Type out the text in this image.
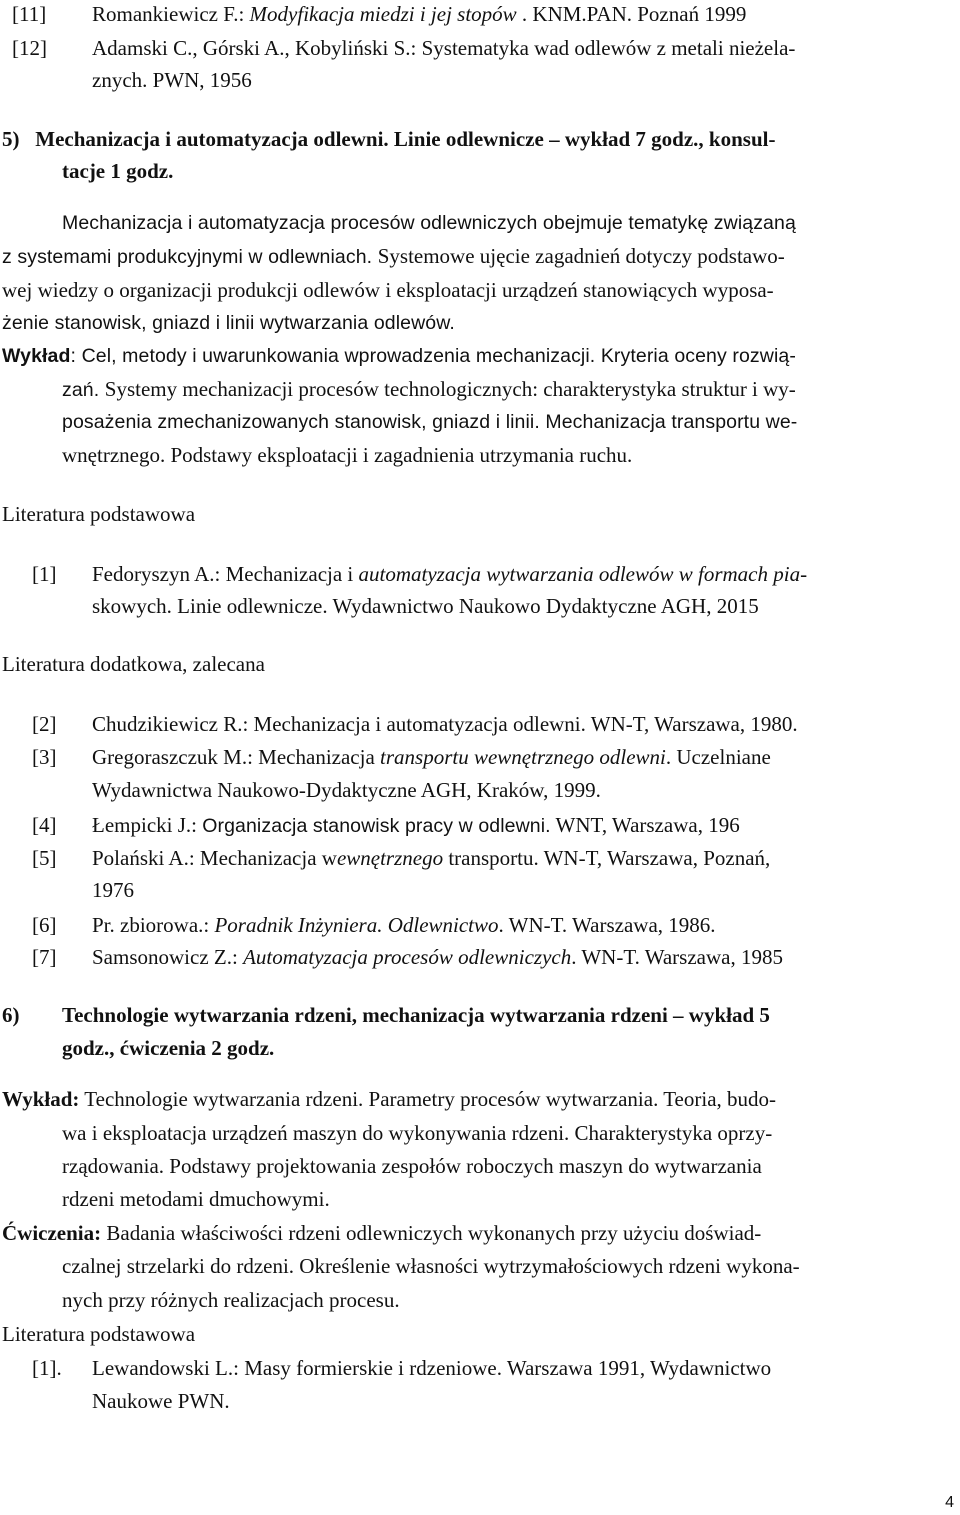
[11] Romankiewicz F.: Modyfikacja miedzi i jej stopów . KNM.PAN. Poznań 1999
[12] Adamski C., Górski A., Kobyliński S.: Systematyka wad odlewów z metali nieżela-
znych. PWN, 1956
5)   Mechanizacja i automatyzacja odlewni. Linie odlewnicze – wykład 7 godz., konsul-
tacje 1 godz.
Mechanizacja i automatyzacja procesów odlewniczych obejmuje tematykę związaną
z systemami produkcyjnymi w odlewniach. Systemowe ujęcie zagadnień dotyczy podstawo-
wej wiedzy o organizacji produkcji odlewów i eksploatacji urządzeń stanowiących wyposa-
żenie stanowisk, gniazd i linii wytwarzania odlewów.
Wykład: Cel, metody i uwarunkowania wprowadzenia mechanizacji. Kryteria oceny rozwią-
zań. Systemy mechanizacji procesów technologicznych: charakterystyka struktur i wy-
posażenia zmechanizowanych stanowisk, gniazd i linii. Mechanizacja transportu we-
wnętrznego. Podstawy eksploatacji i zagadnienia utrzymania ruchu.
Literatura podstawowa
[1] Fedoryszyn A.: Mechanizacja i automatyzacja wytwarzania odlewów w formach pia-
skowych. Linie odlewnicze. Wydawnictwo Naukowo Dydaktyczne AGH, 2015
Literatura dodatkowa, zalecana
[2] Chudzikiewicz R.: Mechanizacja i automatyzacja odlewni. WN-T, Warszawa, 1980.
[3] Gregoraszczuk M.: Mechanizacja transportu wewnętrznego odlewni. Uczelniane
Wydawnictwa Naukowo-Dydaktyczne AGH, Kraków, 1999.
[4] Łempicki J.: Organizacja stanowisk pracy w odlewni. WNT, Warszawa, 196
[5] Polański A.: Mechanizacja wewnętrznego transportu. WN-T, Warszawa, Poznań,
1976
[6] Pr. zbiorowa.: Poradnik Inżyniera. Odlewnictwo. WN-T. Warszawa, 1986.
[7] Samsonowicz Z.: Automatyzacja procesów odlewniczych. WN-T. Warszawa, 1985
6) Technologie wytwarzania rdzeni, mechanizacja wytwarzania rdzeni – wykład 5
godz., ćwiczenia 2 godz.
Wykład: Technologie wytwarzania rdzeni. Parametry procesów wytwarzania. Teoria, budo-
wa i eksploatacja urządzeń maszyn do wykonywania rdzeni. Charakterystyka oprzy-
rządowania. Podstawy projektowania zespołów roboczych maszyn do wytwarzania
rdzeni metodami dmuchowymi.
Ćwiczenia: Badania właściwości rdzeni odlewniczych wykonanych przy użyciu doświad-
czalnej strzelarki do rdzeni. Określenie własności wytrzymałościowych rdzeni wykona-
nych przy różnych realizacjach procesu.
Literatura podstawowa
[1]. Lewandowski L.: Masy formierskie i rdzeniowe. Warszawa 1991, Wydawnictwo
Naukowe PWN.
4
